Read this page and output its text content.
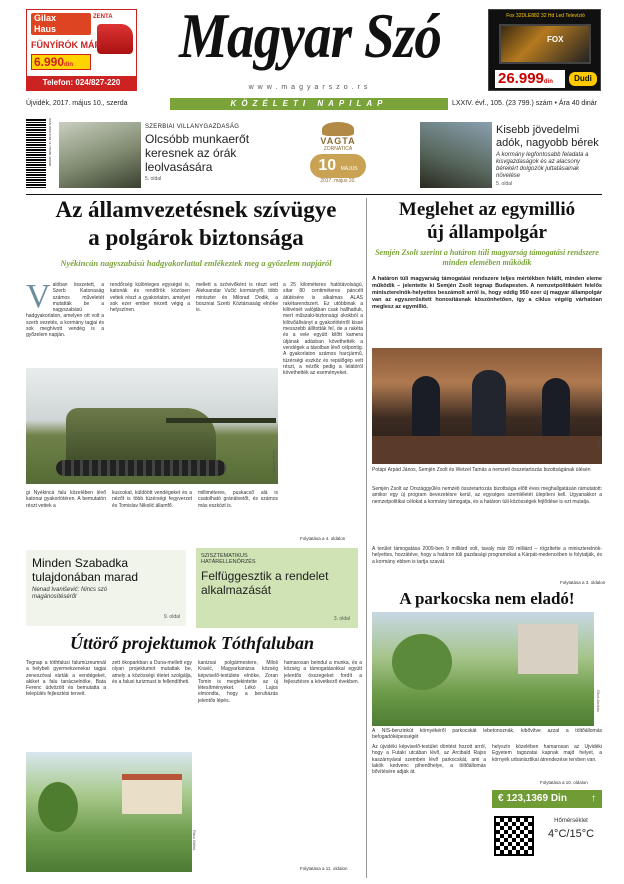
Gilax
Haus
ZENTA
FŰNYÍRÓK MÁR
6.990din
Telefon: 024/827-220
Magyar Szó
www.magyarszo.rs
Fox 32DLE882 32 Hd Led Televízió
FOX
26.999din	Dudi
Újvidék, 2017. május 10., szerda	KÖZÉLETI NAPILAP	LXXIV. évf., 105. (23 799.) szám • Ára 40 dinár
ISSN 0350-4182 / 9 770350 418008	SZERBIAI VILLANYGAZDASÁG
Olcsóbb munkaerőt keresnek az órák leolvasására
5. oldal
VAGTA
ZORNATICA
10 MÁJUS
2017. május 20.
Kisebb jövedelmi adók, nagyobb bérek
A kormány legfontosabb feladata a kisvgazdaságok és az alacsony bérekért dolgozók juttatásainak növelése
5. oldal
Az államvezetésnek szívügye
a polgárok biztonsága
Nyékincán nagyszabású hadgyakorlattal emlékeztek meg a győzelem napjáról
V alóban összetett, a Szerb Katonaság számos műveletét mutatták be a nagyszabású hadgyakorlaton, amelyen ott volt a szerb vezetés, a kormány tagjai és sok meghívott vendég is a győzelem napján.
rendőrség különleges egységei is, katonák és rendőrök közösen vettek részt a gyakorlaton, amelyet sok ezer ember nézett végig a helyszínen.
mellett a szóvivőként is részt vett Aleksandar Vučić kormányfő, több miniszter és Milorad Dodik, a boszniai Szerb Köztársaság elnöke is.
a 25 kilométeres hatótávolságú, sítar 80 centiméteres páncélt átütésére is alkalmas ALAS rakétarendszert. Ez utóbbinak a kilövését valójában csak hallhattuk, mert műszaki-biztonsági okokból a kilövőállványt a gyakorlótérről kissé messzebb állították fel, de a rakéta és a vele együtt kilőtt kamera útjának adásban követhették a vendégek a távolban lévő célpontig. A gyakorlaton számos harcjármű, tüzérségi eszköz és repülőgép vett részt, a nézők pedig a lelátóról követhették az eseményeket.
Gruja Andrija
gi Nyékincá falu közelében lévő katonai gyakorlótéren. A bemutatón részt vettek a
kuscokat, küldöött vendégeket és a nézőt is több tüzérségi fegyverzet és Tomislav Nikolić államfő.
milliméteres, puskacső alá is csatolható gránátvetőt, és számos más eszközt is.
Folytatása a 4. oldalon
Minden Szabadka tulajdonában marad
Nenad Ivanišević: Nincs szó magánosítéséről
9. oldal
SZISZTEMATIKUS HATÁRELLENŐRZÉS
Felfüggesztik a rendelet alkalmazását
3. oldal
Úttörő projektumok Tóthfaluban
Tegnap a tóthfalusi falumúzeumnál a helybeli gyermekzenekar tagjai zeneszóval várták a vendégeket, akiket a falu tanácselnöke, Bata Ferenc üdvözölt és bemutatta a település fejlesztési terveit.
zett ökoparkban a Duna-mellett egy olyan projektumot mutattak be, amely a közösségi életet szolgálja, és a falusi turizmust is fellendítheti.
kanizsai polgármestere, Miloš Kravić, Magyarkanizsa község képviselő-testülete elnöke, Zoran Tomin is megtekintette az új létesítményeket. Lékó Lajos elmondta, hogy a beruházás jelentős lépés.
hamarosan beindul a munka, és a község a támogatásokkal együtt jelentős összegeket fordít a fejlesztésre a következő években.
Rácz Bálint
Folytatása a 11. oldalon
Meglehet az egymillió
új állampolgár
Semjén Zsolt szerint a határon túli magyarság támogatási rendszere minden elemében működik
A határon túli magyarság támogatási rendszere teljes mértékben felállt, minden eleme működik – jelentette ki Semjén Zsolt tegnap Budapesten. A nemzetpolitikáért felelős miniszterelnök-helyettes beszámolt arról is, hogy eddig 950 ezer új magyar állampolgár van az egyszerűsített honosításnak köszönhetően, így a ciklus végéig várhatóan meglesz az egymillió.
MTI
Potápi Árpád János, Semjén Zsolt és Wetzel Tamás a nemzeti összetartozás bizottságának ülésén
Semjén Zsolt az Országgyűlés nemzeti összetartozás bizottsága előtt éves meghallgatásán rámutatott: amikor egy új program bevezetésre kerül, az egységes szemléletét ülepíteni kell. Ugyanakkor a nemzetpolitikai célokat a kormány támogatja, és a határon túli közösségek fejlődése is ezt mutatja.
A terület támogatása 2009-ben 9 milliárd volt, tavaly már 89 milliárd – rögzítette a miniszterelnök-helyettes, hozzátéve, hogy a határon túli gazdasági programokat a Kárpát-medencében is folytatják, és a kormány ebben is tartja szavát.
Folytatása a 3. oldalon
A parkocska nem eladó!
Ótos András
A NIS-benzinkút környékéről parkocskát lebetonoznák, kibővítve azzal a töltőállomás befogadóképességét
Az újvidéki képviselő-testület döntést hozott arról, hogy a Futaki utcában lévő, az Arcibald Rajss kaszárnyával szemben lévő parkocskát, ami a lakók kedvenc pihenőhelye, a töltőállomás bővítésére adják át.
helyszín közelében hamarosan az Újvidéki Egyetem tagozatai kapnak majd helyet, a környék urbanisztikai átrendezése tervben van.
Folytatása a 10. oldalon
€ 123,1369 Din ↑
Hőmérséklet
4°C/15°C
